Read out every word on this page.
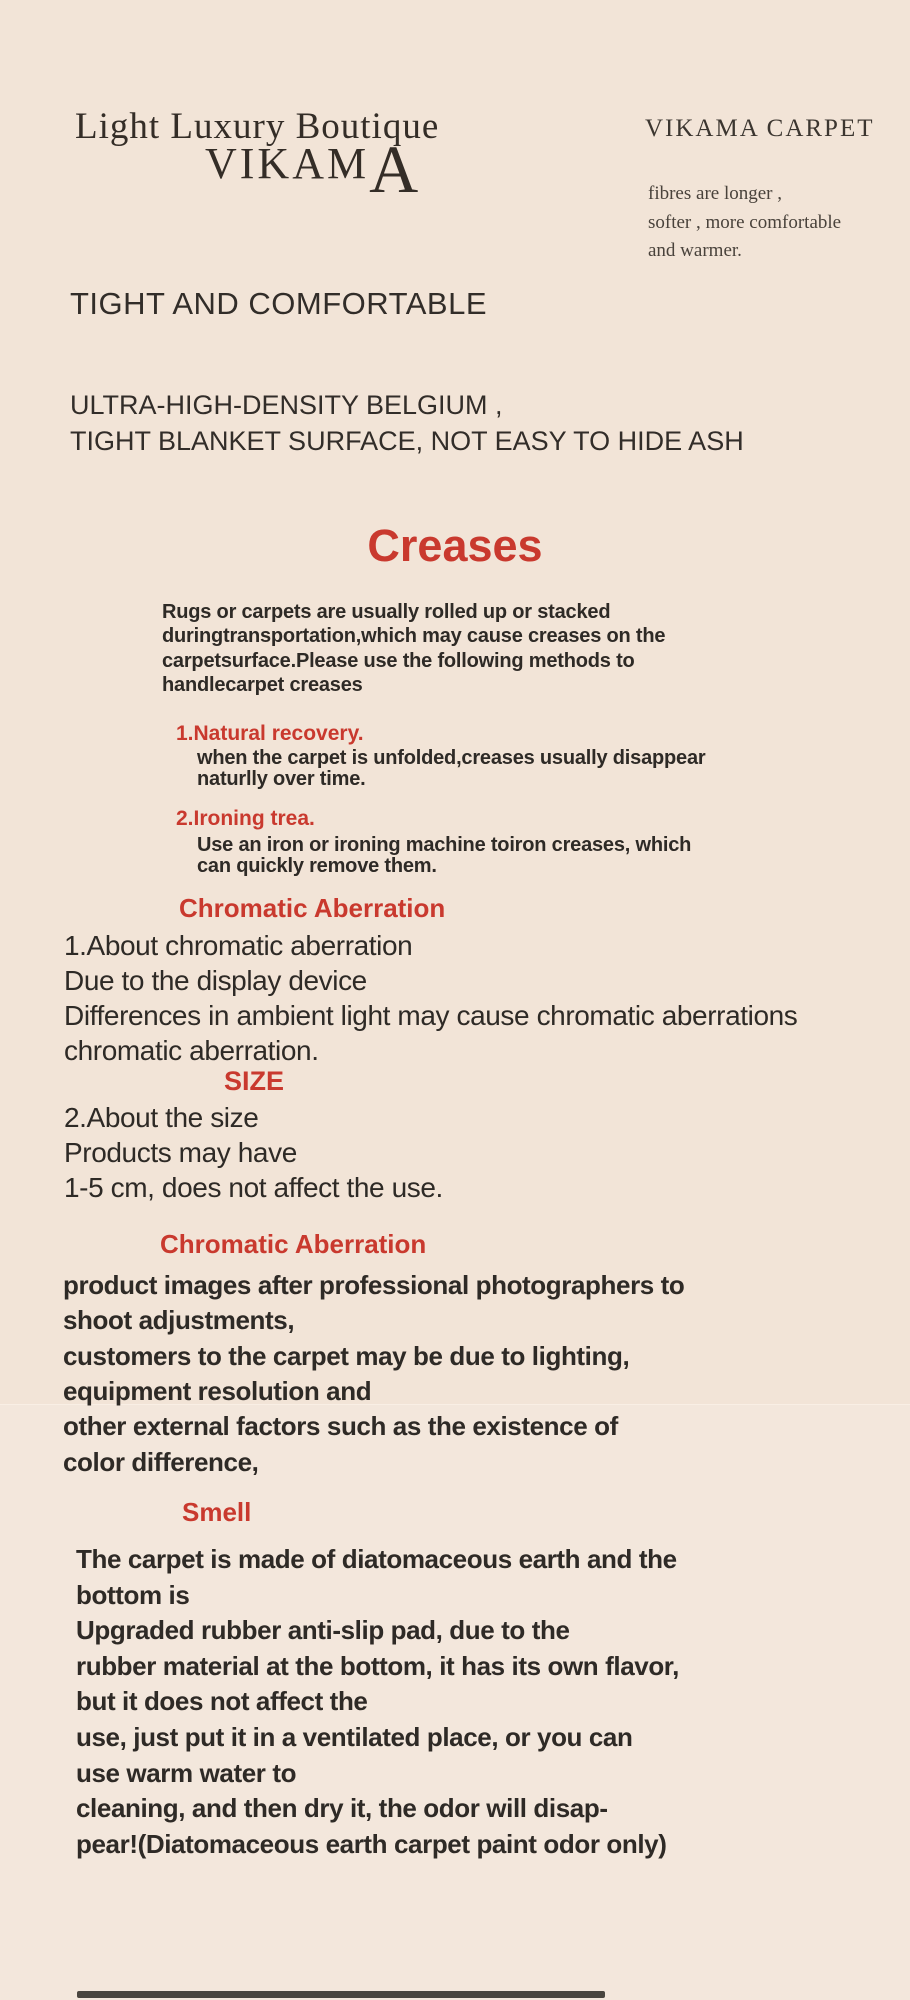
Light Luxury Boutique
VIKAMA
VIKAMA CARPET
fibres are longer ,
softer , more comfortable
and warmer.
TIGHT AND COMFORTABLE
ULTRA-HIGH-DENSITY BELGIUM ,
TIGHT BLANKET SURFACE, NOT EASY TO HIDE ASH
Creases
Rugs or carpets are usually rolled up or stacked
duringtransportation,which may cause creases on the
carpetsurface.Please use the following methods to
handlecarpet creases
1.Natural recovery.
when the carpet is unfolded,creases usually disappear
naturlly over time.
2.Ironing trea.
Use an iron or ironing machine toiron creases, which
can quickly remove them.
Chromatic Aberration
1.About chromatic aberration
Due to the display device
Differences in ambient light may cause chromatic aberrations
chromatic aberration.
SIZE
2.About the size
Products may have
1-5 cm, does not affect the use.
Chromatic Aberration
product images after professional photographers to
shoot adjustments,
customers to the carpet may be due to lighting,
equipment resolution and
other external factors such as the existence of
color difference,
Smell
The carpet is made of diatomaceous earth and the
bottom is
Upgraded rubber anti-slip pad, due to the
rubber material at the bottom, it has its own flavor,
but it does not affect the
use, just put it in a ventilated place, or you can
use warm water to
cleaning, and then dry it, the odor will disap-
pear!(Diatomaceous earth carpet paint odor only)
